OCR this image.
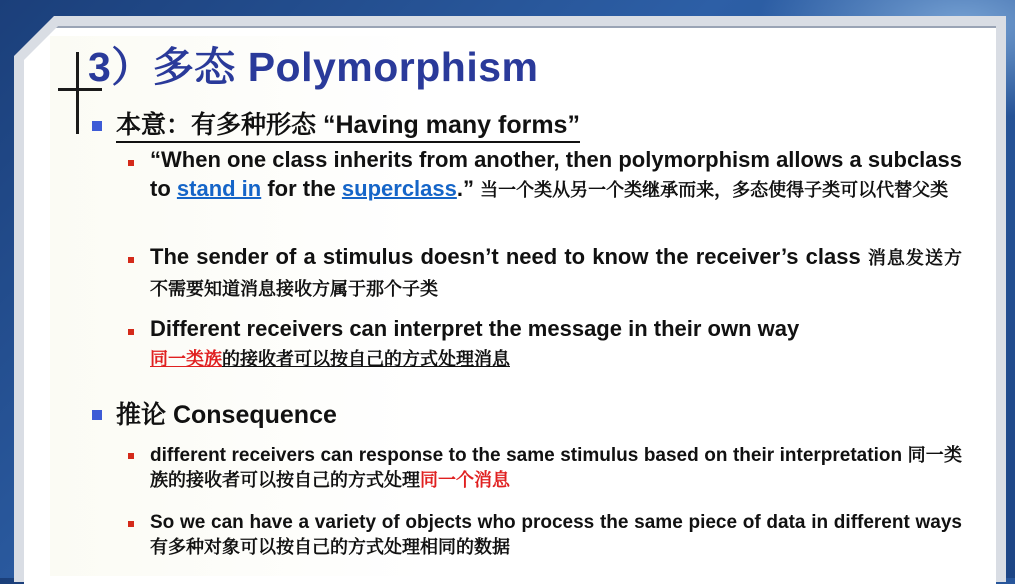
3）多态 Polymorphism
本意：有多种形态 “Having many forms”
“When one class inherits from another, then polymorphism allows a subclass to stand in for the superclass.” 当一个类从另一个类继承而来，多态使得子类可以代替父类
The sender of a stimulus doesn’t need to know the receiver’s class 消息发送方不需要知道消息接收方属于那个子类
Different receivers can interpret the message in their own way
同一类族的接收者可以按自己的方式处理消息
推论 Consequence
different receivers can response to the same stimulus based on their interpretation 同一类族的接收者可以按自己的方式处理同一个消息
So we can have a variety of objects who process the same piece of data in different ways 有多种对象可以按自己的方式处理相同的数据
